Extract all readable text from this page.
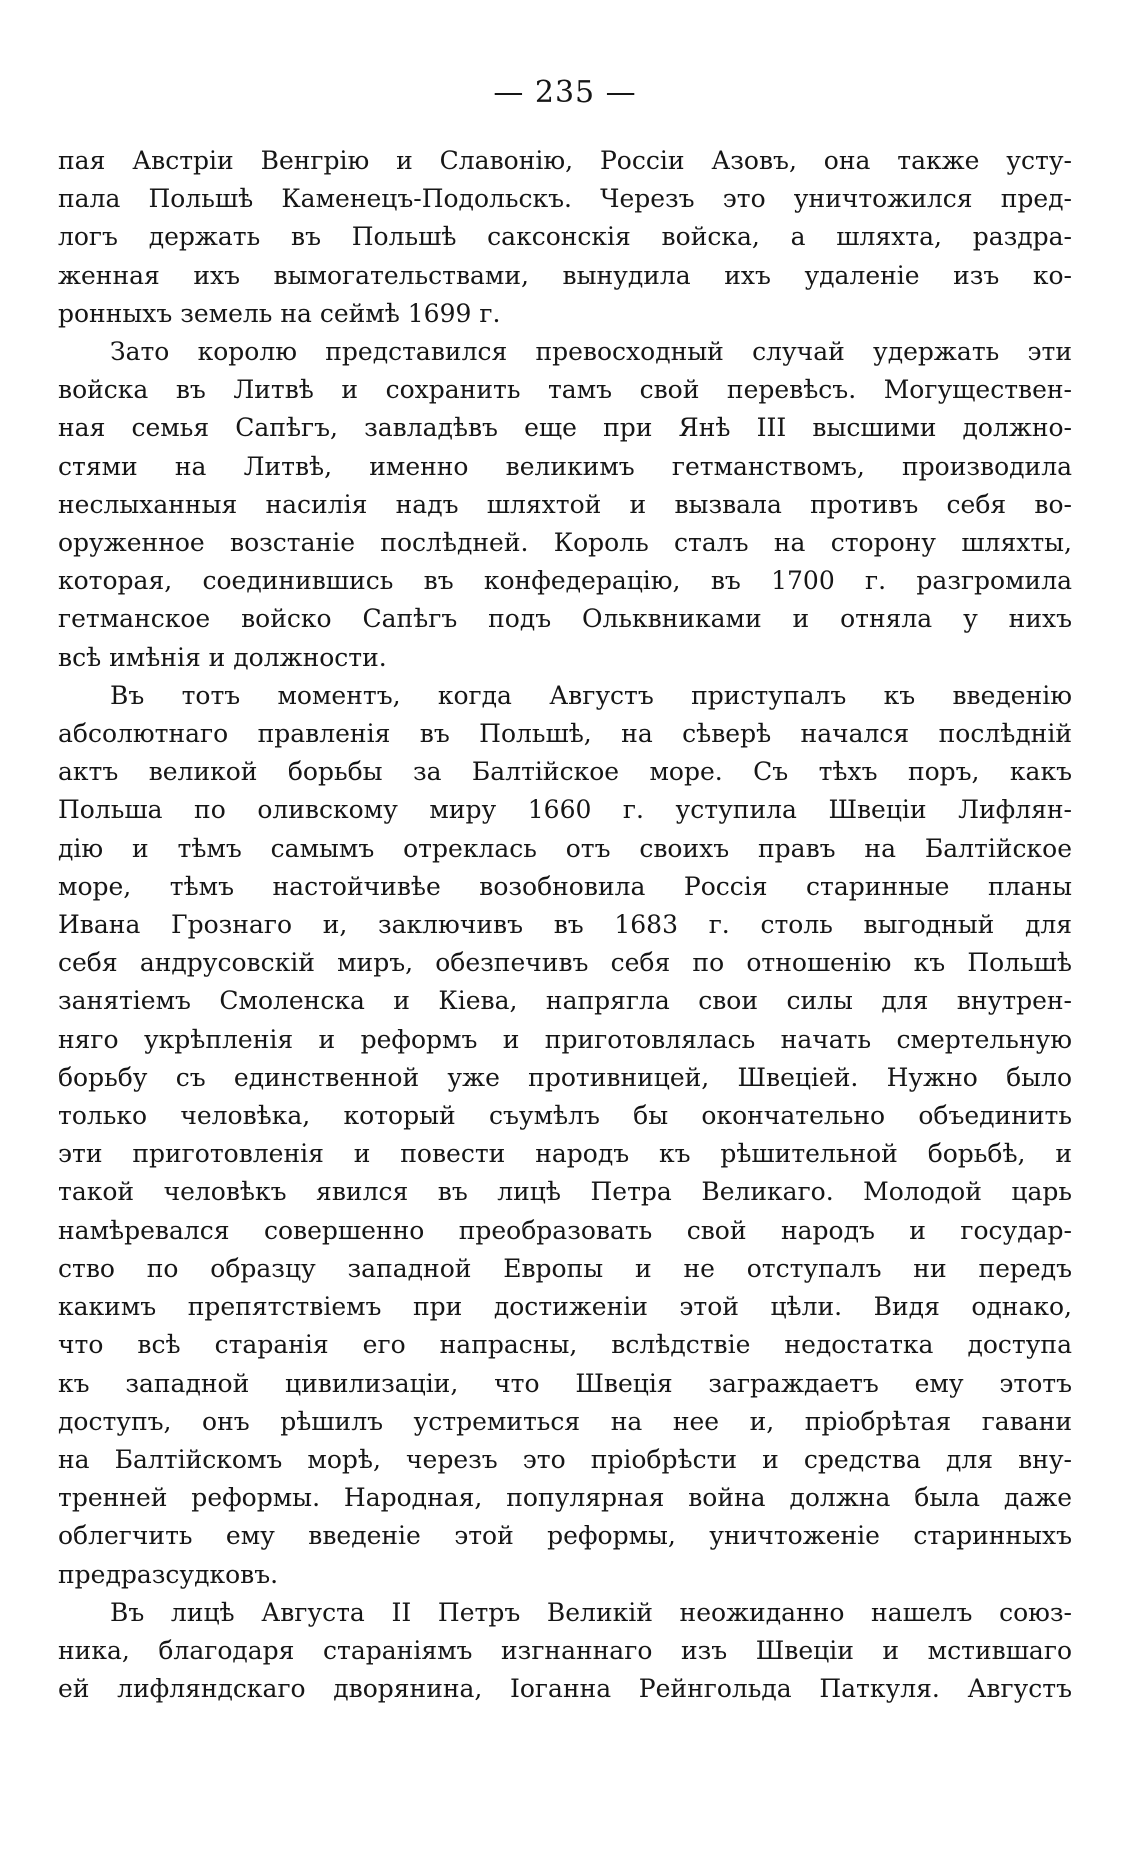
— 235 —
пая Австріи Венгрію и Славонію, Россіи Азовъ, она также усту-
пала Польшѣ Каменецъ-Подольскъ. Черезъ это уничтожился пред-
логъ держать въ Польшѣ саксонскія войска, а шляхта, раздра-
женная ихъ вымогательствами, вынудила ихъ удаленіе изъ ко-
ронныхъ земель на сеймѣ 1699 г.
Зато королю представился превосходный случай удержать эти
войска въ Литвѣ и сохранить тамъ свой перевѣсъ. Могуществен-
ная семья Сапѣгъ, завладѣвъ еще при Янѣ III высшими должно-
стями на Литвѣ, именно великимъ гетманствомъ, производила
неслыханныя насилія надъ шляхтой и вызвала противъ себя во-
оруженное возстаніе послѣдней. Король сталъ на сторону шляхты,
которая, соединившись въ конфедерацію, въ 1700 г. разгромила
гетманское войско Сапѣгъ подъ Ольквниками и отняла у нихъ
всѣ имѣнія и должности.
Въ тотъ моментъ, когда Августъ приступалъ къ введенію
абсолютнаго правленія въ Польшѣ, на сѣверѣ начался послѣдній
актъ великой борьбы за Балтійское море. Съ тѣхъ поръ, какъ
Польша по оливскому миру 1660 г. уступила Швеціи Лифлян-
дію и тѣмъ самымъ отреклась отъ своихъ правъ на Балтійское
море, тѣмъ настойчивѣе возобновила Россія старинные планы
Ивана Грознаго и, заключивъ въ 1683 г. столь выгодный для
себя андрусовскій миръ, обезпечивъ себя по отношенію къ Польшѣ
занятіемъ Смоленска и Кіева, напрягла свои силы для внутрен-
няго укрѣпленія и реформъ и приготовлялась начать смертельную
борьбу съ единственной уже противницей, Швеціей. Нужно было
только человѣка, который съумѣлъ бы окончательно объединить
эти приготовленія и повести народъ къ рѣшительной борьбѣ, и
такой человѣкъ явился въ лицѣ Петра Великаго. Молодой царь
намѣревался совершенно преобразовать свой народъ и государ-
ство по образцу западной Европы и не отступалъ ни передъ
какимъ препятствіемъ при достиженіи этой цѣли. Видя однако,
что всѣ старанія его напрасны, вслѣдствіе недостатка доступа
къ западной цивилизаціи, что Швеція заграждаетъ ему этотъ
доступъ, онъ рѣшилъ устремиться на нее и, пріобрѣтая гавани
на Балтійскомъ морѣ, черезъ это пріобрѣсти и средства для вну-
тренней реформы. Народная, популярная война должна была даже
облегчить ему введеніе этой реформы, уничтоженіе старинныхъ
предразсудковъ.
Въ лицѣ Августа II Петръ Великій неожиданно нашелъ союз-
ника, благодаря стараніямъ изгнаннаго изъ Швеціи и мстившаго
ей лифляндскаго дворянина, Іоганна Рейнгольда Паткуля. Августъ
